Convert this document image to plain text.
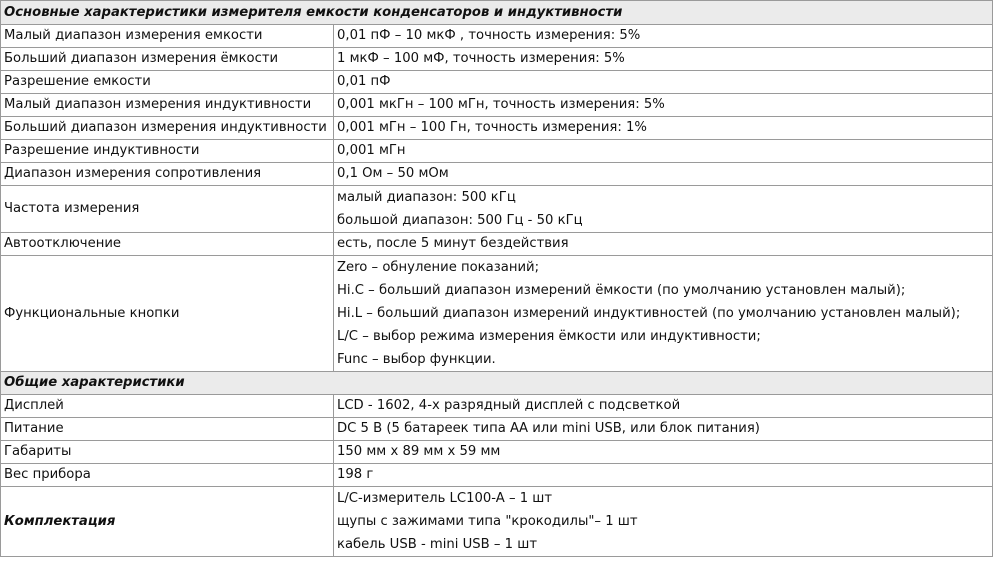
Основные характеристики измерителя емкости конденсаторов и индуктивности	
Малый диапазон измерения емкости	0,01 пФ – 10 мкФ , точность измерения: 5%
Больший диапазон измерения ёмкости	1 мкФ – 100 мФ, точность измерения: 5%
Разрешение емкости	0,01 пФ
Малый диапазон измерения индуктивности	0,001 мкГн – 100 мГн, точность измерения: 5%
Больший диапазон измерения индуктивности	0,001 мГн – 100 Гн, точность измерения: 1%
Разрешение индуктивности	0,001 мГн
Диапазон измерения сопротивления	0,1 Ом – 50 мОм
Частота измерения	малый диапазон: 500 кГц
большой диапазон: 500 Гц - 50 кГц

Автоотключение	есть, после 5 минут бездействия
Функциональные кнопки	Zero – обнуление показаний;
Hi.C – больший диапазон измерений ёмкости (по умолчанию установлен малый);
Hi.L – больший диапазон измерений индуктивностей (по умолчанию установлен малый);
L/C – выбор режима измерения ёмкости или индуктивности;
Func – выбор функции.

Общие характеристики	
Дисплей	LCD - 1602, 4-х разрядный дисплей с подсветкой
Питание	DC 5 В (5 батареек типа АА или mini USB, или блок питания)
Габариты	150 мм х 89 мм х 59 мм
Вес прибора	198 г
Комплектация	L/C-измеритель LC100-A – 1 шт
щупы с зажимами типа "крокодилы"– 1 шт
кабель USB - mini USB – 1 шт
